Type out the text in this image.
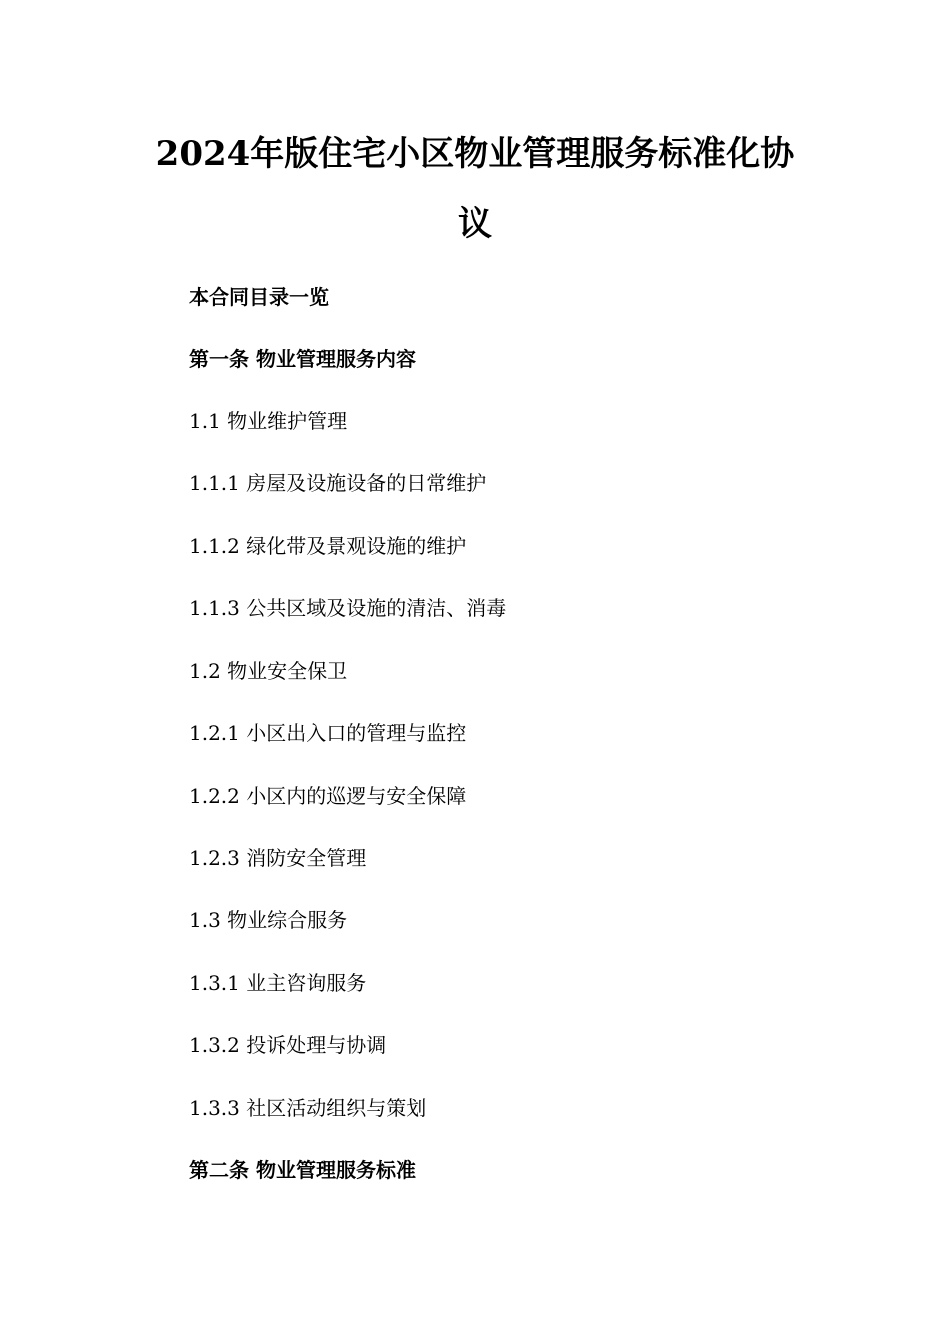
2024年版住宅小区物业管理服务标准化协
议

本合同目录一览

第一条 物业管理服务内容

1.1 物业维护管理

1.1.1 房屋及设施设备的日常维护

1.1.2 绿化带及景观设施的维护

1.1.3 公共区域及设施的清洁、消毒

1.2 物业安全保卫

1.2.1 小区出入口的管理与监控

1.2.2 小区内的巡逻与安全保障

1.2.3 消防安全管理

1.3 物业综合服务

1.3.1 业主咨询服务

1.3.2 投诉处理与协调

1.3.3 社区活动组织与策划

第二条 物业管理服务标准
